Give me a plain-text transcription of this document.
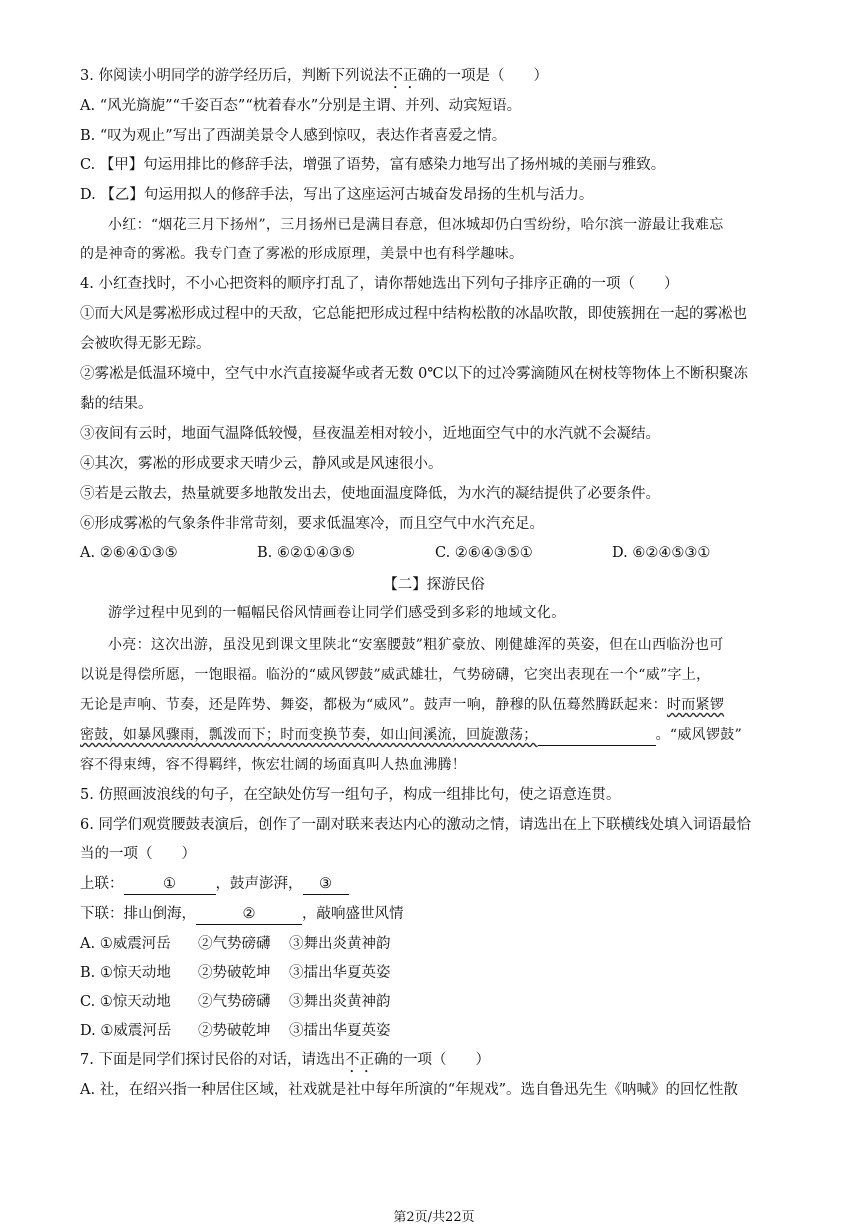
3. 你阅读小明同学的游学经历后，判断下列说法不正确的一项是（　　）
A. “风光旖旎”“千姿百态”“枕着春水”分别是主谓、并列、动宾短语。
B. “叹为观止”写出了西湖美景令人感到惊叹，表达作者喜爱之情。
C. 【甲】句运用排比的修辞手法，增强了语势，富有感染力地写出了扬州城的美丽与雅致。
D. 【乙】句运用拟人的修辞手法，写出了这座运河古城奋发昂扬的生机与活力。
小红：“烟花三月下扬州”，三月扬州已是满目春意，但冰城却仍白雪纷纷，哈尔滨一游最让我难忘
的是神奇的雾凇。我专门查了雾凇的形成原理，美景中也有科学趣味。
4. 小红查找时，不小心把资料的顺序打乱了，请你帮她选出下列句子排序正确的一项（　　）
①而大风是雾凇形成过程中的天敌，它总能把形成过程中结构松散的冰晶吹散，即使簇拥在一起的雾凇也
会被吹得无影无踪。
②雾凇是低温环境中，空气中水汽直接凝华或者无数 0℃以下的过冷雾滴随风在树枝等物体上不断积聚冻
黏的结果。
③夜间有云时，地面气温降低较慢，昼夜温差相对较小，近地面空气中的水汽就不会凝结。
④其次，雾凇的形成要求天晴少云，静风或是风速很小。
⑤若是云散去，热量就要多地散发出去，使地面温度降低，为水汽的凝结提供了必要条件。
⑥形成雾凇的气象条件非常苛刻，要求低温寒冷，而且空气中水汽充足。
A. ②⑥④①③⑤	B. ⑥②①④③⑤	C. ②⑥④③⑤①	D. ⑥②④⑤③①
【二】探游民俗
游学过程中见到的一幅幅民俗风情画卷让同学们感受到多彩的地域文化。
小亮：这次出游，虽没见到课文里陕北“安塞腰鼓”粗犷豪放、刚健雄浑的英姿，但在山西临汾也可
以说是得偿所愿，一饱眼福。临汾的“威风锣鼓”威武雄壮，气势磅礴，它突出表现在一个“威”字上，
无论是声响、节奏，还是阵势、舞姿，都极为“威风”。鼓声一响，静穆的队伍蓦然腾跃起来：时而紧锣
密鼓，如暴风骤雨，瓢泼而下；时而变换节奏，如山间溪流，回旋激荡；	。“威风锣鼓”
容不得束缚，容不得羁绊，恢宏壮阔的场面真叫人热血沸腾！
5. 仿照画波浪线的句子，在空缺处仿写一组句子，构成一组排比句，使之语意连贯。
6. 同学们观赏腰鼓表演后，创作了一副对联来表达内心的激动之情，请选出在上下联横线处填入词语最恰
当的一项（　　）
上联：	①	，鼓声澎湃， ③
下联：排山倒海，	②	，敲响盛世风情
A. ①威震河岳 ②气势磅礴 ③舞出炎黄神韵
B. ①惊天动地 ②势破乾坤 ③擂出华夏英姿
C. ①惊天动地 ②气势磅礴 ③舞出炎黄神韵
D. ①威震河岳 ②势破乾坤 ③擂出华夏英姿
7. 下面是同学们探讨民俗的对话，请选出不正确的一项（　　）
A. 社，在绍兴指一种居住区域，社戏就是社中每年所演的“年规戏”。选自鲁迅先生《呐喊》的回忆性散
第2页/共22页
